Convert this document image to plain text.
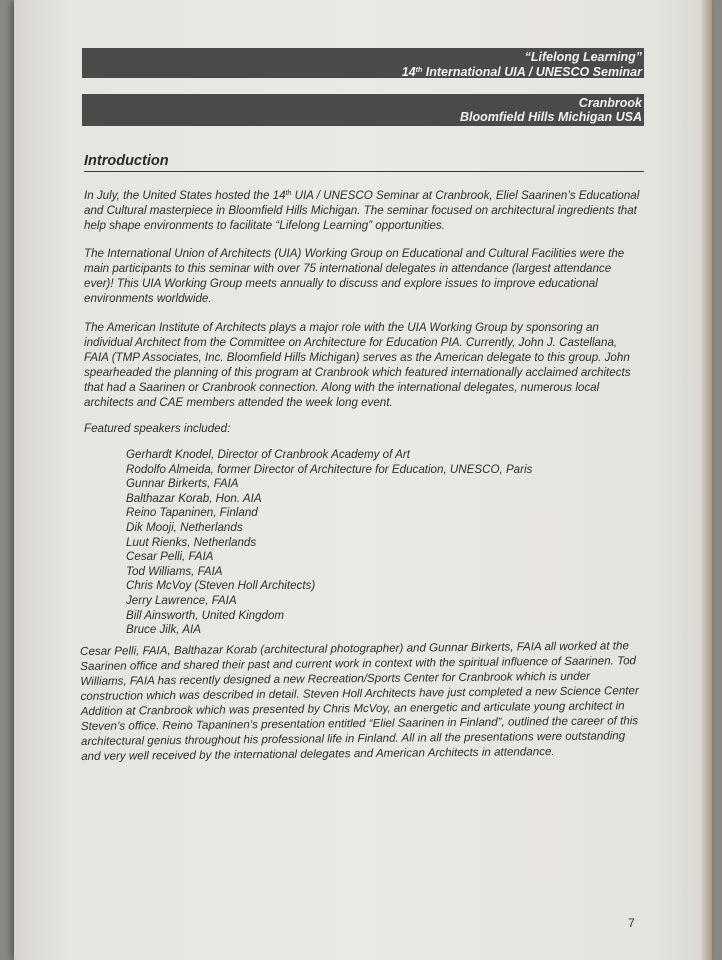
“Lifelong Learning”
14th International UIA / UNESCO Seminar
Cranbrook
Bloomfield Hills Michigan USA
Introduction

In July, the United States hosted the 14th UIA / UNESCO Seminar at Cranbrook, Eliel Saarinen’s Educational and Cultural masterpiece in Bloomfield Hills Michigan. The seminar focused on architectural ingredients that help shape environments to facilitate “Lifelong Learning” opportunities.

The International Union of Architects (UIA) Working Group on Educational and Cultural Facilities were the main participants to this seminar with over 75 international delegates in attendance (largest attendance ever)! This UIA Working Group meets annually to discuss and explore issues to improve educational environments worldwide.

The American Institute of Architects plays a major role with the UIA Working Group by sponsoring an individual Architect from the Committee on Architecture for Education PIA. Currently, John J. Castellana, FAIA (TMP Associates, Inc. Bloomfield Hills Michigan) serves as the American delegate to this group. John spearheaded the planning of this program at Cranbrook which featured internationally acclaimed architects that had a Saarinen or Cranbrook connection. Along with the international delegates, numerous local architects and CAE members attended the week long event.

Featured speakers included:

Gerhardt Knodel, Director of Cranbrook Academy of Art
Rodolfo Almeida, former Director of Architecture for Education, UNESCO, Paris
Gunnar Birkerts, FAIA
Balthazar Korab, Hon. AIA
Reino Tapaninen, Finland
Dik Mooji, Netherlands
Luut Rienks, Netherlands
Cesar Pelli, FAIA
Tod Williams, FAIA
Chris McVoy (Steven Holl Architects)
Jerry Lawrence, FAIA
Bill Ainsworth, United Kingdom
Bruce Jilk, AIA

Cesar Pelli, FAIA, Balthazar Korab (architectural photographer) and Gunnar Birkerts, FAIA all worked at the Saarinen office and shared their past and current work in context with the spiritual influence of Saarinen. Tod Williams, FAIA has recently designed a new Recreation/Sports Center for Cranbrook which is under construction which was described in detail. Steven Holl Architects have just completed a new Science Center Addition at Cranbrook which was presented by Chris McVoy, an energetic and articulate young architect in Steven’s office. Reino Tapaninen’s presentation entitled “Eliel Saarinen in Finland”, outlined the career of this architectural genius throughout his professional life in Finland. All in all the presentations were outstanding and very well received by the international delegates and American Architects in attendance.

7
